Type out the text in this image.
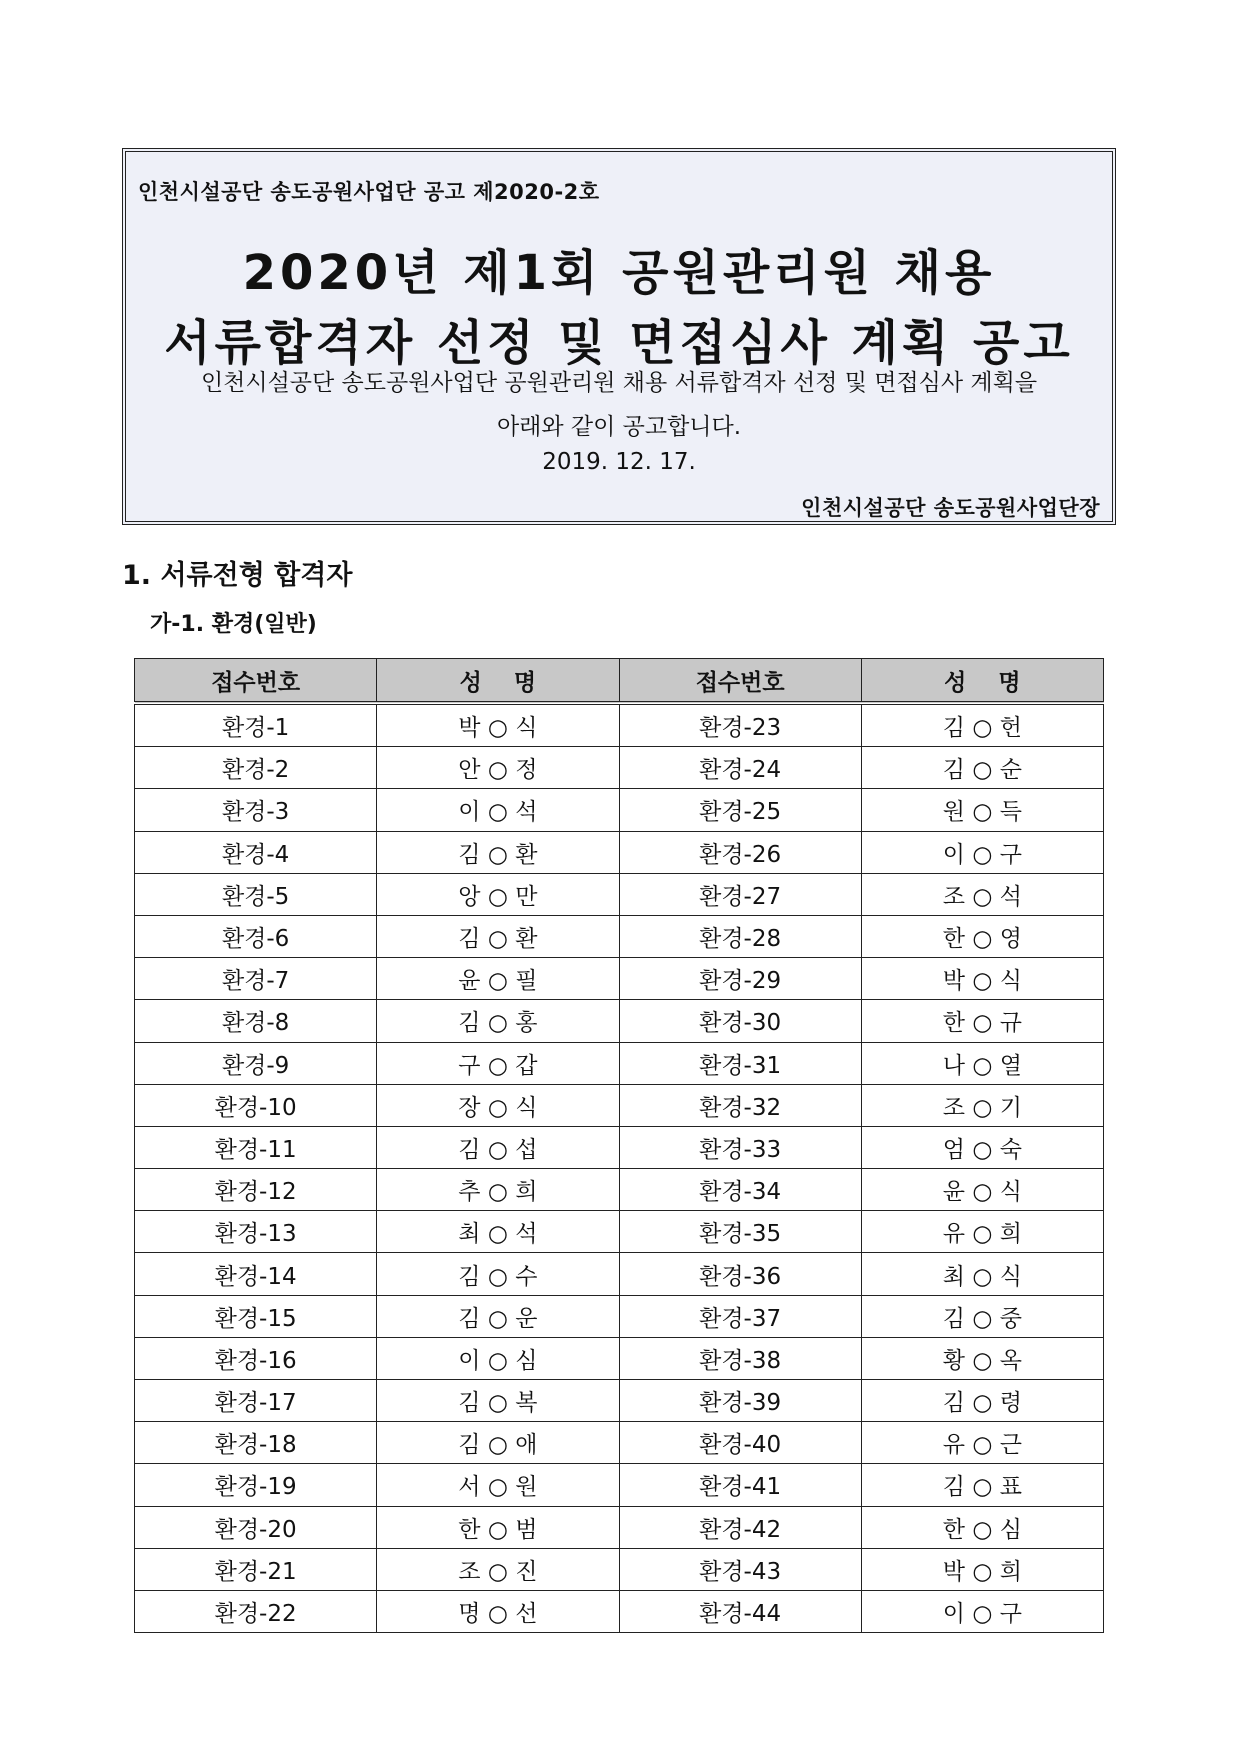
인천시설공단 송도공원사업단 공고 제2020-2호
2020년 제1회 공원관리원 채용
서류합격자 선정 및 면접심사 계획 공고
인천시설공단 송도공원사업단 공원관리원 채용 서류합격자 선정 및 면접심사 계획을
아래와 같이 공고합니다.
2019. 12. 17.
인천시설공단 송도공원사업단장
1. 서류전형 합격자
가-1. 환경(일반)
접수번호	성    명	접수번호	성    명
환경-1	박 ○ 식	환경-23	김 ○ 헌
환경-2	안 ○ 정	환경-24	김 ○ 순
환경-3	이 ○ 석	환경-25	원 ○ 득
환경-4	김 ○ 환	환경-26	이 ○ 구
환경-5	앙 ○ 만	환경-27	조 ○ 석
환경-6	김 ○ 환	환경-28	한 ○ 영
환경-7	윤 ○ 필	환경-29	박 ○ 식
환경-8	김 ○ 홍	환경-30	한 ○ 규
환경-9	구 ○ 갑	환경-31	나 ○ 열
환경-10	장 ○ 식	환경-32	조 ○ 기
환경-11	김 ○ 섭	환경-33	엄 ○ 숙
환경-12	추 ○ 희	환경-34	윤 ○ 식
환경-13	최 ○ 석	환경-35	유 ○ 희
환경-14	김 ○ 수	환경-36	최 ○ 식
환경-15	김 ○ 운	환경-37	김 ○ 중
환경-16	이 ○ 심	환경-38	황 ○ 옥
환경-17	김 ○ 복	환경-39	김 ○ 령
환경-18	김 ○ 애	환경-40	유 ○ 근
환경-19	서 ○ 원	환경-41	김 ○ 표
환경-20	한 ○ 범	환경-42	한 ○ 심
환경-21	조 ○ 진	환경-43	박 ○ 희
환경-22	명 ○ 선	환경-44	이 ○ 구
